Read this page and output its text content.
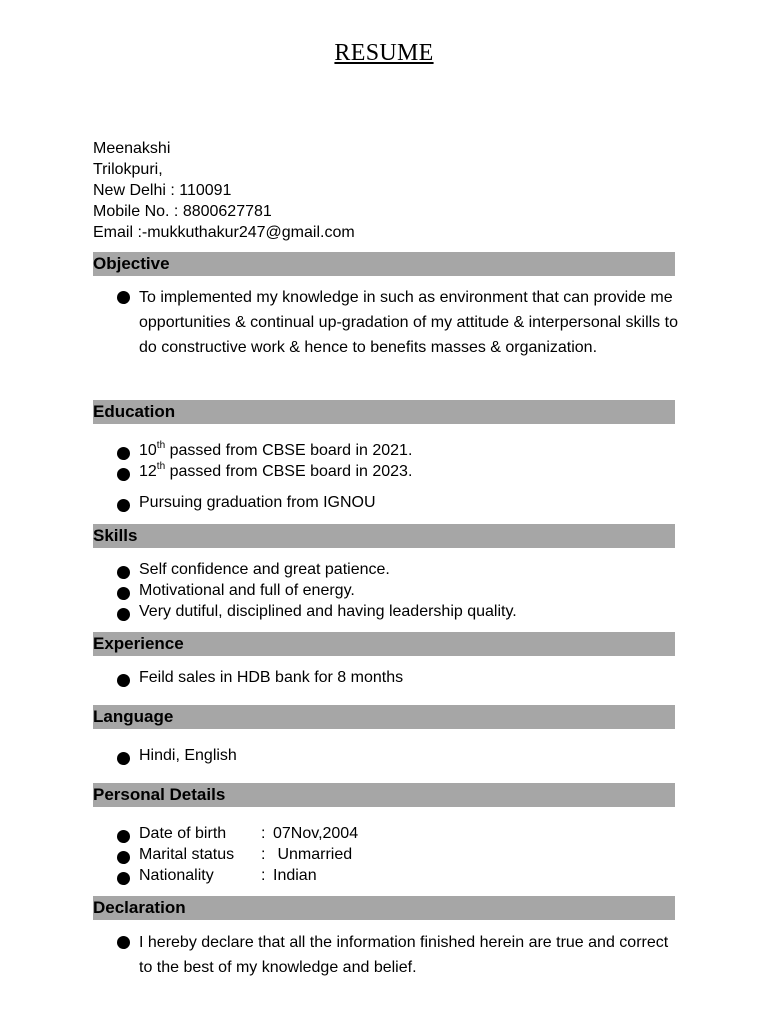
RESUME
Meenakshi
Trilokpuri,
New Delhi : 110091
Mobile No. : 8800627781
Email :-mukkuthakur247@gmail.com
Objective
To implemented my knowledge in such as environment that can provide me opportunities & continual up-gradation of my attitude & interpersonal skills to do constructive work & hence to benefits masses & organization.
Education
10th passed from CBSE board in 2021.
12th passed from CBSE board in 2023.
Pursuing graduation from IGNOU
Skills
Self confidence and great patience.
Motivational and full of energy.
Very dutiful, disciplined and having leadership quality.
Experience
Feild sales in HDB bank for 8 months
Language
Hindi, English
Personal Details
Date of birth : 07Nov,2004
Marital status : Unmarried
Nationality	: Indian
Declaration
I hereby declare that all the information finished herein are true and correct to the best of my knowledge and belief.
